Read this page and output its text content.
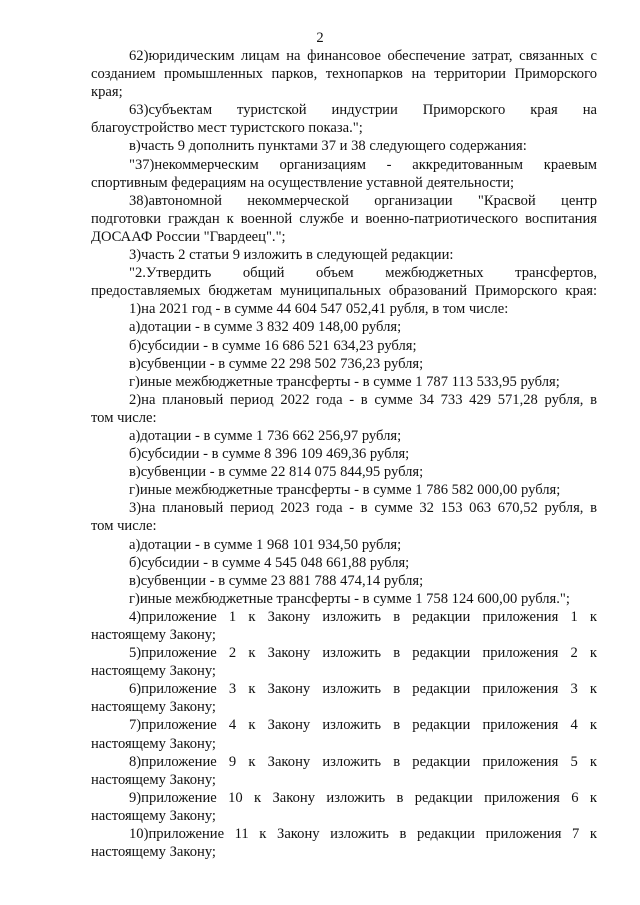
2
62)юридическим лицам на финансовое обеспечение затрат, связанных с
созданием промышленных парков, технопарков на территории Приморского
края;
63)субъектам туристской индустрии Приморского края на
благоустройство мест туристского показа.";
в)часть 9 дополнить пунктами 37 и 38 следующего содержания:
"37)некоммерческим организациям - аккредитованным краевым
спортивным федерациям на осуществление уставной деятельности;
38)автономной некоммерческой организации "Красвой центр
подготовки граждан к военной службе и военно-патриотического воспитания
ДОСААФ России "Гвардеец".";
3)часть 2 статьи 9 изложить в следующей редакции:
"2.Утвердить общий объем межбюджетных трансфертов,
предоставляемых бюджетам муниципальных образований Приморского края:
1)на 2021 год - в сумме 44 604 547 052,41 рубля, в том числе:
а)дотации - в сумме 3 832 409 148,00 рубля;
б)субсидии - в сумме 16 686 521 634,23 рубля;
в)субвенции - в сумме 22 298 502 736,23 рубля;
г)иные межбюджетные трансферты - в сумме 1 787 113 533,95 рубля;
2)на плановый период 2022 года - в сумме 34 733 429 571,28 рубля, в
том числе:
а)дотации - в сумме 1 736 662 256,97 рубля;
б)субсидии - в сумме 8 396 109 469,36 рубля;
в)субвенции - в сумме 22 814 075 844,95 рубля;
г)иные межбюджетные трансферты - в сумме 1 786 582 000,00 рубля;
3)на плановый период 2023 года - в сумме 32 153 063 670,52 рубля, в
том числе:
а)дотации - в сумме 1 968 101 934,50 рубля;
б)субсидии - в сумме 4 545 048 661,88 рубля;
в)субвенции - в сумме 23 881 788 474,14 рубля;
г)иные межбюджетные трансферты - в сумме 1 758 124 600,00 рубля.";
4)приложение 1 к Закону изложить в редакции приложения 1 к
настоящему Закону;
5)приложение 2 к Закону изложить в редакции приложения 2 к
настоящему Закону;
6)приложение 3 к Закону изложить в редакции приложения 3 к
настоящему Закону;
7)приложение 4 к Закону изложить в редакции приложения 4 к
настоящему Закону;
8)приложение 9 к Закону изложить в редакции приложения 5 к
настоящему Закону;
9)приложение 10 к Закону изложить в редакции приложения 6 к
настоящему Закону;
10)приложение 11 к Закону изложить в редакции приложения 7 к
настоящему Закону;
